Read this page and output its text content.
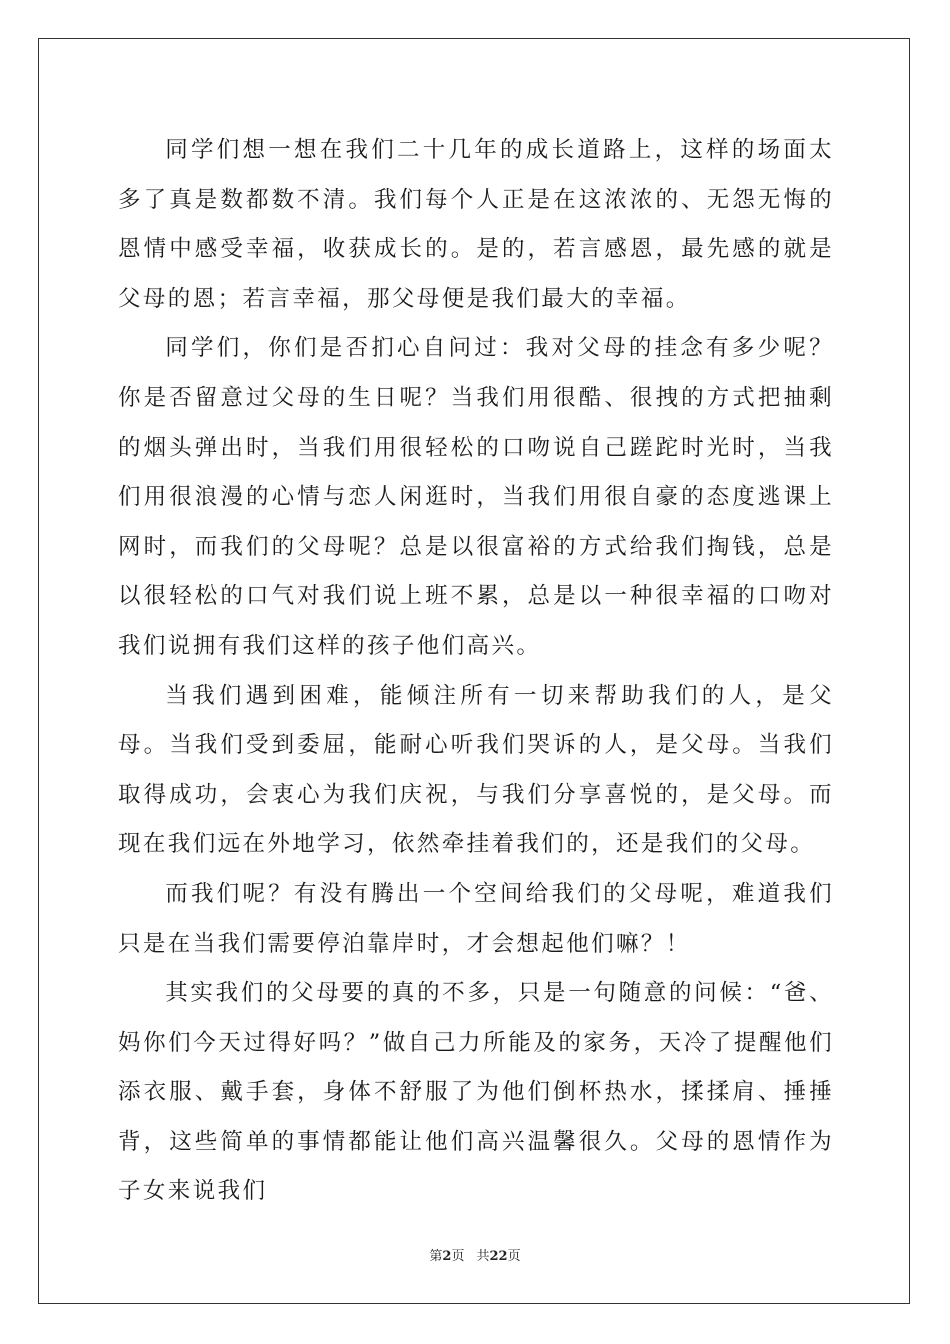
同学们想一想在我们二十几年的成长道路上，这样的场面太多了真是数都数不清。我们每个人正是在这浓浓的、无怨无悔的恩情中感受幸福，收获成长的。是的，若言感恩，最先感的就是父母的恩；若言幸福，那父母便是我们最大的幸福。

同学们，你们是否扪心自问过：我对父母的挂念有多少呢？你是否留意过父母的生日呢？当我们用很酷、很拽的方式把抽剩的烟头弹出时，当我们用很轻松的口吻说自己蹉跎时光时，当我们用很浪漫的心情与恋人闲逛时，当我们用很自豪的态度逃课上网时，而我们的父母呢？总是以很富裕的方式给我们掏钱，总是以很轻松的口气对我们说上班不累，总是以一种很幸福的口吻对我们说拥有我们这样的孩子他们高兴。

当我们遇到困难，能倾注所有一切来帮助我们的人，是父母。当我们受到委屈，能耐心听我们哭诉的人，是父母。当我们取得成功，会衷心为我们庆祝，与我们分享喜悦的，是父母。而现在我们远在外地学习，依然牵挂着我们的，还是我们的父母。

而我们呢？有没有腾出一个空间给我们的父母呢，难道我们只是在当我们需要停泊靠岸时，才会想起他们嘛？！

其实我们的父母要的真的不多，只是一句随意的问候：“爸、妈你们今天过得好吗？”做自己力所能及的家务，天冷了提醒他们添衣服、戴手套，身体不舒服了为他们倒杯热水，揉揉肩、捶捶背，这些简单的事情都能让他们高兴温馨很久。父母的恩情作为子女来说我们

第2页 共22页
